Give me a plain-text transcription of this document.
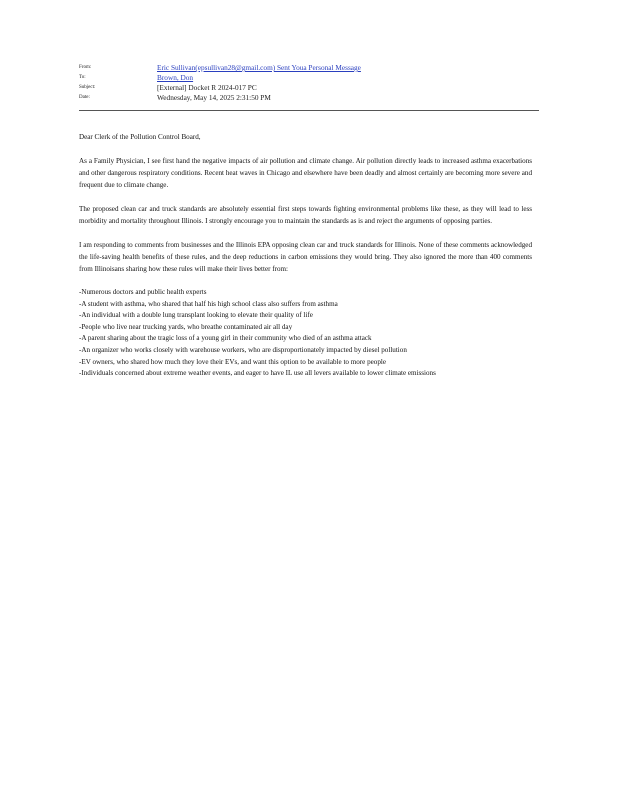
From:	Eric Sullivan(epsullivan28@gmail.com) Sent Youa Personal Message
To:	Brown, Don
Subject:	[External] Docket R 2024-017 PC
Date:	Wednesday, May 14, 2025 2:31:50 PM

Dear Clerk of the Pollution Control Board,

As a Family Physician, I see first hand the negative impacts of air pollution and climate change. Air pollution directly leads to increased asthma exacerbations and other dangerous respiratory conditions. Recent heat waves in Chicago and elsewhere have been deadly and almost certainly are becoming more severe and frequent due to climate change.

The proposed clean car and truck standards are absolutely essential first steps towards fighting environmental problems like these, as they will lead to less morbidity and mortality throughout Illinois. I strongly encourage you to maintain the standards as is and reject the arguments of opposing parties.

I am responding to comments from businesses and the Illinois EPA opposing clean car and truck standards for Illinois. None of these comments acknowledged the life-saving health benefits of these rules, and the deep reductions in carbon emissions they would bring. They also ignored the more than 400 comments from Illinoisans sharing how these rules will make their lives better from:

-Numerous doctors and public health experts
-A student with asthma, who shared that half his high school class also suffers from asthma
-An individual with a double lung transplant looking to elevate their quality of life
-People who live near trucking yards, who breathe contaminated air all day
-A parent sharing about the tragic loss of a young girl in their community who died of an asthma attack
-An organizer who works closely with warehouse workers, who are disproportionately impacted by diesel pollution
-EV owners, who shared how much they love their EVs, and want this option to be available to more people
-Individuals concerned about extreme weather events, and eager to have IL use all levers available to lower climate emissions
